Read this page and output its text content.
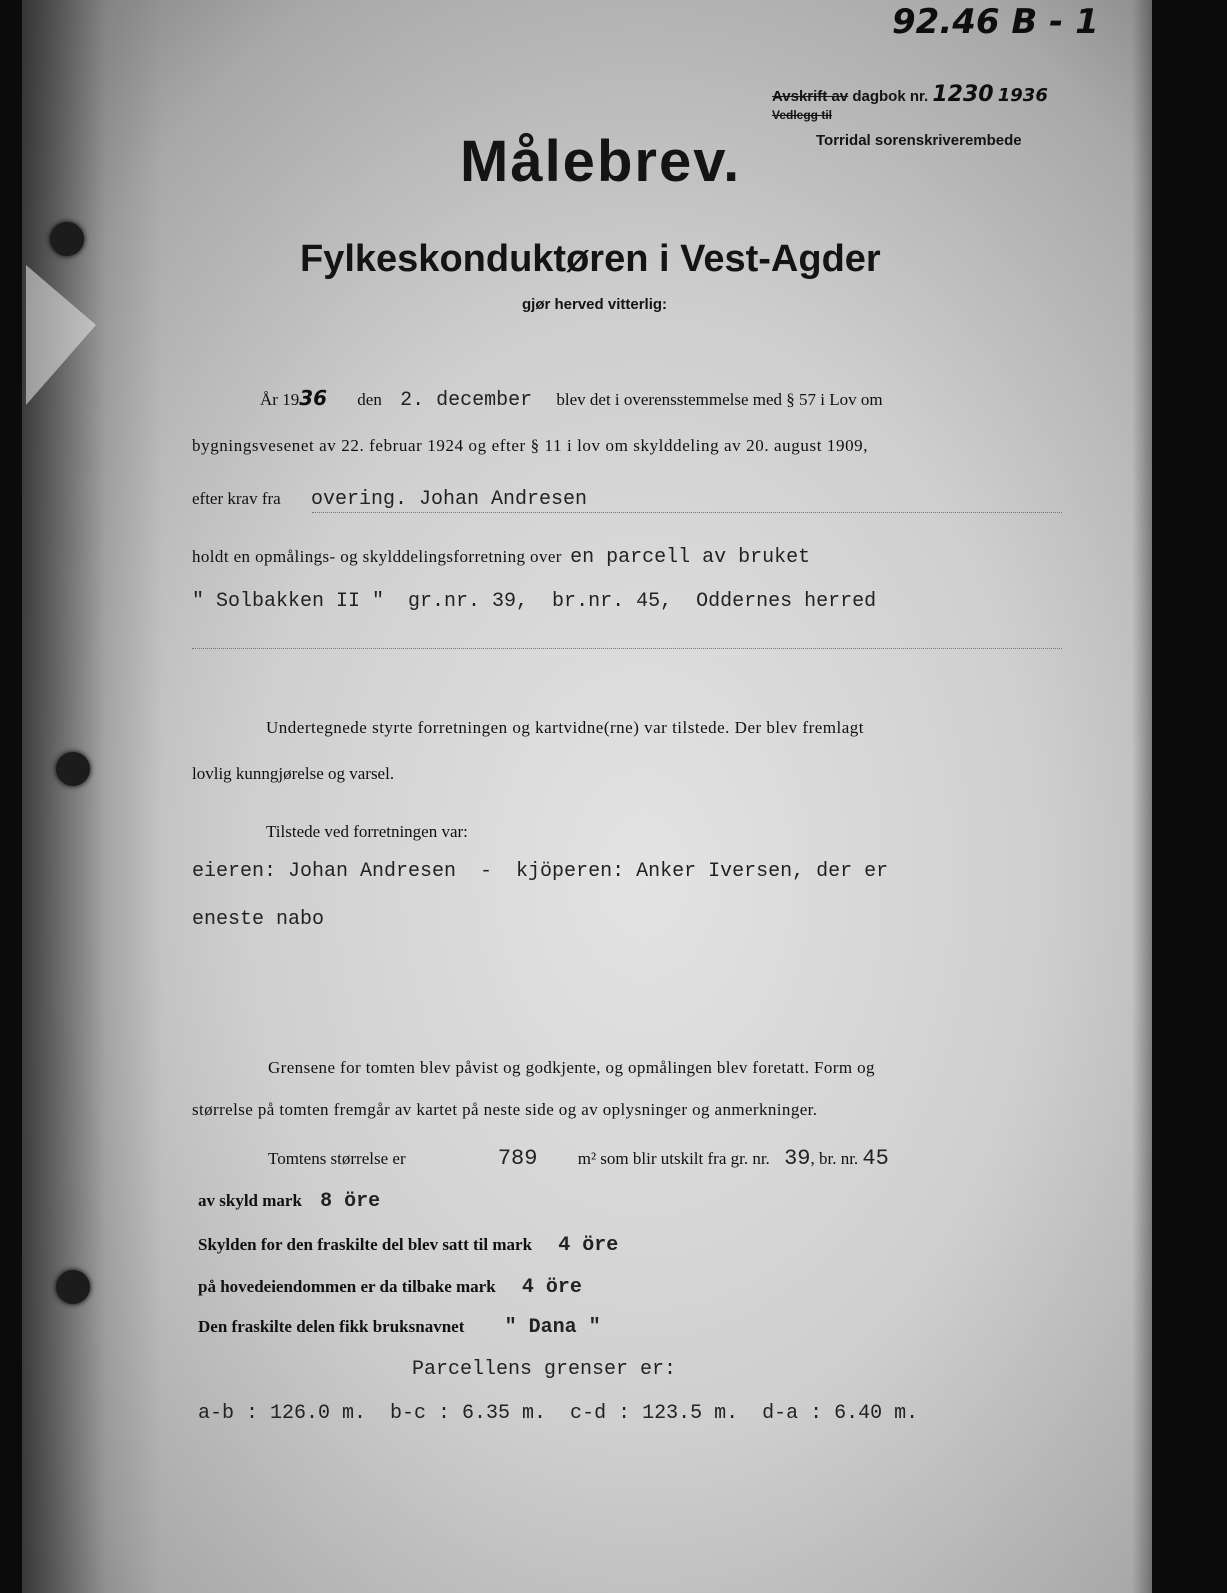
92.46 B - 1
Avskrift av dagbok nr. 1230 1936
Vedlegg til
Torridal sorenskriverembede
Målebrev.
Fylkeskonduktøren i Vest-Agder
gjør herved vitterlig:
År 1936 den 2. december blev det i overensstemmelse med § 57 i Lov om
bygningsvesenet av 22. februar 1924 og efter § 11 i lov om skylddeling av 20. august 1909,
efter krav fra overing. Johan Andresen
holdt en opmålings- og skylddelingsforretning over en parcell av bruket
" Solbakken II "  gr.nr. 39,  br.nr. 45,  Oddernes herred
Undertegnede styrte forretningen og kartvidne(rne) var tilstede. Der blev fremlagt
lovlig kunngjørelse og varsel.
Tilstede ved forretningen var:
eieren: Johan Andresen  -  kjöperen: Anker Iversen, der er
eneste nabo
Grensene for tomten blev påvist og godkjente, og opmålingen blev foretatt. Form og
størrelse på tomten fremgår av kartet på neste side og av oplysninger og anmerkninger.
Tomtens størrelse er	789 m² som blir utskilt fra gr. nr. 39, br. nr. 45
av skyld mark 8 öre
Skylden for den fraskilte del blev satt til mark 4 öre
på hovedeiendommen er da tilbake mark 4 öre
Den fraskilte delen fikk bruksnavnet " Dana "
Parcellens grenser er:
a-b : 126.0 m.  b-c : 6.35 m.  c-d : 123.5 m.  d-a : 6.40 m.
